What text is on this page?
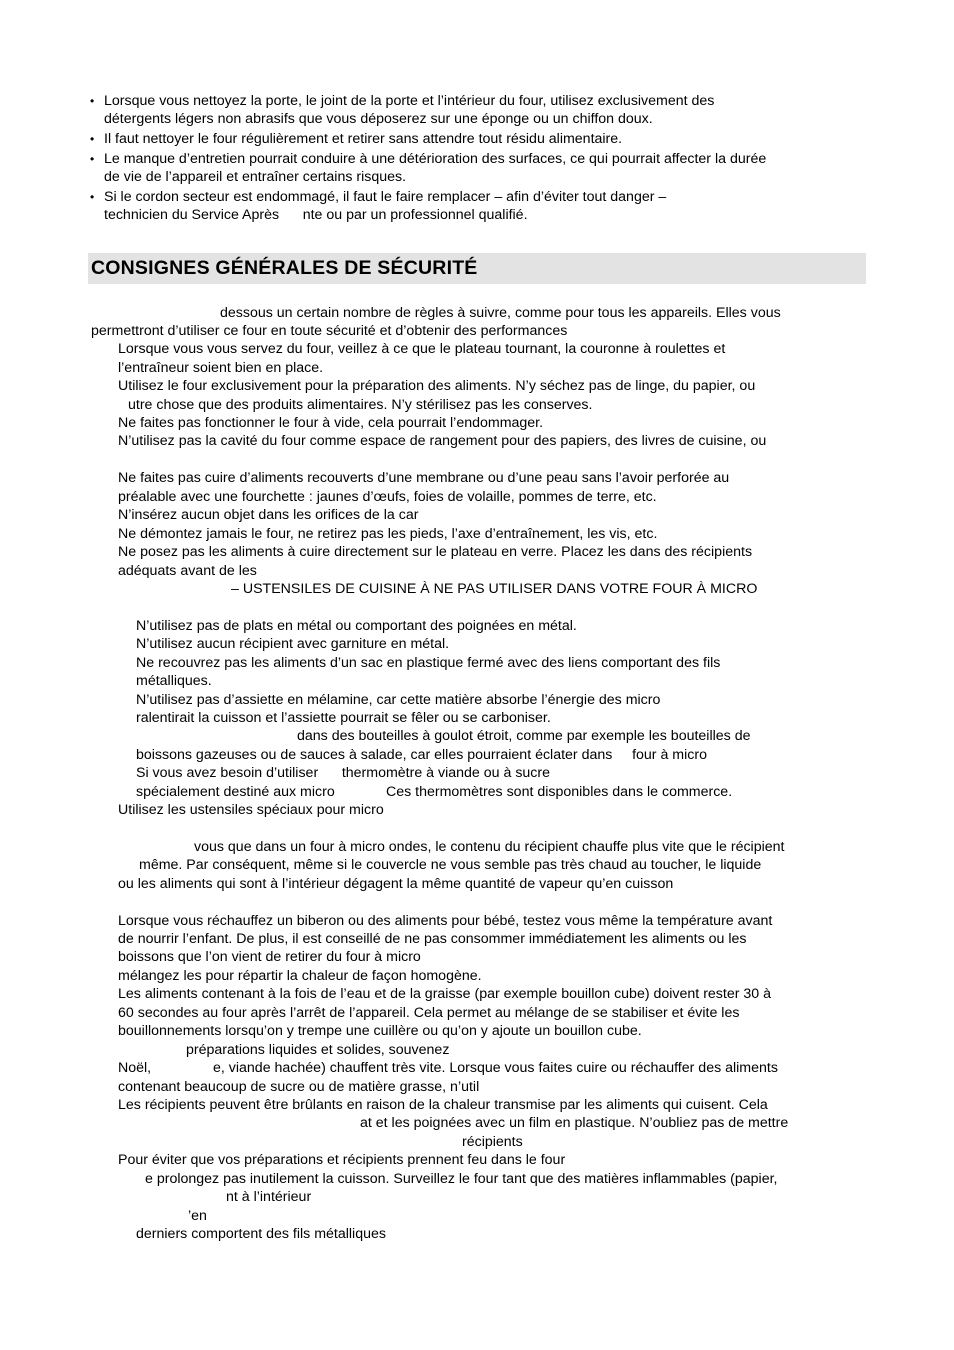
• Lorsque vous nettoyez la porte, le joint de la porte et l’intérieur du four, utilisez exclusivement des
détergents légers non abrasifs que vous déposerez sur une éponge ou un chiffon doux.
• Il faut nettoyer le four régulièrement et retirer sans attendre tout résidu alimentaire.
• Le manque d’entretien pourrait conduire à une détérioration des surfaces, ce qui pourrait affecter la durée
de vie de l’appareil et entraîner certains risques.
• Si le cordon secteur est endommagé, il faut le faire remplacer – afin d’éviter tout danger –
technicien du Service Après      nte ou par un professionnel qualifié.
CONSIGNES GÉNÉRALES DE SÉCURITÉ
dessous un certain nombre de règles à suivre, comme pour tous les appareils. Elles vous
permettront d’utiliser ce four en toute sécurité et d’obtenir des performances
Lorsque vous vous servez du four, veillez à ce que le plateau tournant, la couronne à roulettes et
l’entraîneur soient bien en place.
Utilisez le four exclusivement pour la préparation des aliments. N’y séchez pas de linge, du papier, ou
utre chose que des produits alimentaires. N’y stérilisez pas les conserves.
Ne faites pas fonctionner le four à vide, cela pourrait l’endommager.
N’utilisez pas la cavité du four comme espace de rangement pour des papiers, des livres de cuisine, ou
Ne faites pas cuire d’aliments recouverts d’une membrane ou d’une peau sans l’avoir perforée au
préalable avec une fourchette : jaunes d’œufs, foies de volaille, pommes de terre, etc.
N’insérez aucun objet dans les orifices de la car
Ne démontez jamais le four, ne retirez pas les pieds, l’axe d’entraînement, les vis, etc.
Ne posez pas les aliments à cuire directement sur le plateau en verre. Placez les dans des récipients
adéquats avant de les
– USTENSILES DE CUISINE À NE PAS UTILISER DANS VOTRE FOUR À MICRO
N’utilisez pas de plats en métal ou comportant des poignées en métal.
N’utilisez aucun récipient avec garniture en métal.
Ne recouvrez pas les aliments d’un sac en plastique fermé avec des liens comportant des fils
métalliques.
N’utilisez pas d’assiette en mélamine, car cette matière absorbe l’énergie des micro
ralentirait la cuisson et l’assiette pourrait se fêler ou se carboniser.
dans des bouteilles à goulot étroit, comme par exemple les bouteilles de
boissons gazeuses ou de sauces à salade, car elles pourraient éclater dans     four à micro
Si vous avez besoin d’utiliser      thermomètre à viande ou à sucre
spécialement destiné aux micro             Ces thermomètres sont disponibles dans le commerce.
Utilisez les ustensiles spéciaux pour micro
vous que dans un four à micro ondes, le contenu du récipient chauffe plus vite que le récipient
même. Par conséquent, même si le couvercle ne vous semble pas très chaud au toucher, le liquide
ou les aliments qui sont à l’intérieur dégagent la même quantité de vapeur qu’en cuisson
Lorsque vous réchauffez un biberon ou des aliments pour bébé, testez vous même la température avant
de nourrir l’enfant. De plus, il est conseillé de ne pas consommer immédiatement les aliments ou les
boissons que l’on vient de retirer du four à micro
mélangez les pour répartir la chaleur de façon homogène.
Les aliments contenant à la fois de l’eau et de la graisse (par exemple bouillon cube) doivent rester 30 à
60 secondes au four après l’arrêt de l’appareil. Cela permet au mélange de se stabiliser et évite les
bouillonnements lorsqu’on y trempe une cuillère ou qu’on y ajoute un bouillon cube.
préparations liquides et solides, souvenez
Noël,	e, viande hachée) chauffent très vite. Lorsque vous faites cuire ou réchauffer des aliments
contenant beaucoup de sucre ou de matière grasse, n’util
Les récipients peuvent être brûlants en raison de la chaleur transmise par les aliments qui cuisent. Cela
at et les poignées avec un film en plastique. N’oubliez pas de mettre
récipients
Pour éviter que vos préparations et récipients prennent feu dans le four
e prolongez pas inutilement la cuisson. Surveillez le four tant que des matières inflammables (papier,
nt à l’intérieur
’en
derniers comportent des fils métalliques
